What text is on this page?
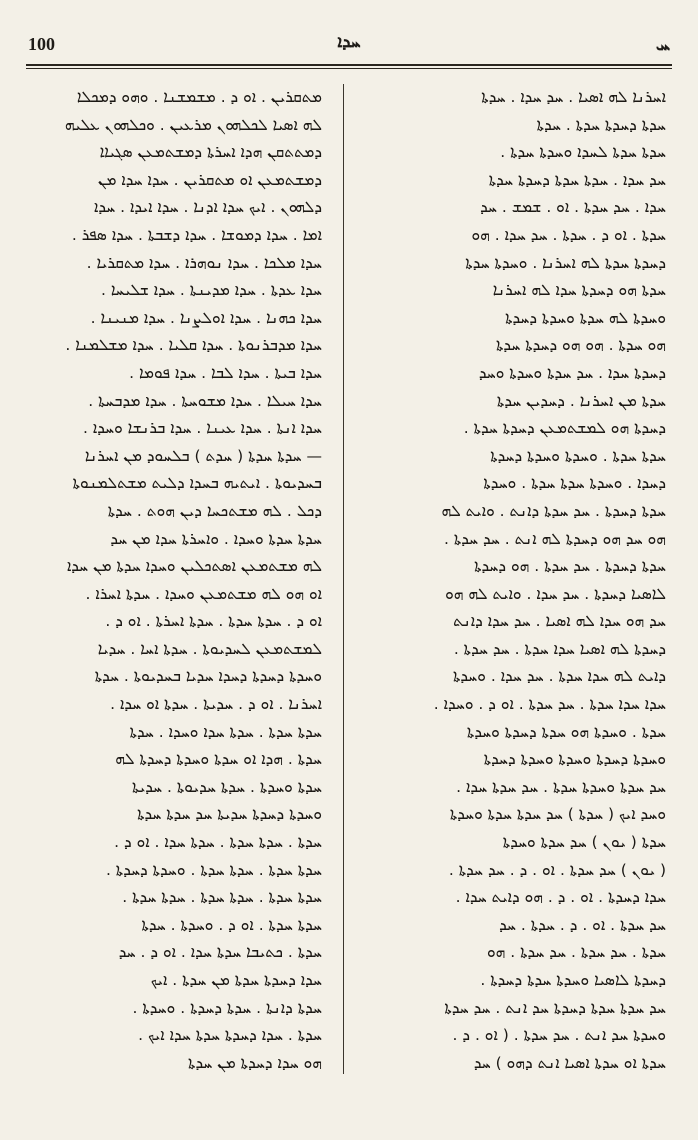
100	ܚܕܐ	ܚ
ܡܬܩܪܝܢ . ܐܘ ܕ . ܡܫܡܫܢܐ . ܘܗܘ ܕܡܟܠܐ
ܠܗ ܐܣܝܐ ܠܟܠܗܘܢ ܡܪܥܝܢ . ܘܟܠܗܘܢ ܥܠܝܗ
ܕܡܬܬܩܢ ܗܕܐ ܐܚܪܬܐ ܕܡܫܬܡܥܢ ܣܓܝܐܐ
ܕܡܫܬܡܥܢ ܐܘ ܡܬܩܪܝܢ . ܚܕܐ ܚܕܐ ܡܢ
ܕܠܗܘܢ . ܐܝܟ ܚܕܐ ܐܕܢܐ . ܚܕܐ ܐܝܕܐ . ܚܕܐ
ܐܡܐ . ܚܕܐ ܕܡܘܫܐ . ܚܕܐ ܕܫܒܬܐ . ܚܕܐ ܣܦܪ .
ܚܕܐ ܡܠܟܐ . ܚܕܐ ܢܘܗܪܐ . ܚܕܐ ܡܬܩܪܝܐ .
ܚܕܐ ܥܕܬܐ . ܚܕܐ ܡܕܝܢܬܐ . ܚܕܐ ܫܠܝܚܐ .
ܚܕܐ ܟܗܢܐ . ܚܕܐ ܐܘܠܨܢܐ . ܚܕܐ ܡܢܝܢܐ .
ܚܕܐ ܡܕܒܪܢܘܬܐ . ܚܕܐ ܩܠܝܐ . ܚܕܐ ܡܫܠܡܢܐ .
ܚܕܐ ܒܝܬܐ . ܚܕܐ ܠܒܐ . ܚܕܐ ܦܘܡܐ .
ܚܕܐ ܚܝܠܐ . ܚܕܐ ܡܫܘܚܬܐ . ܚܕܐ ܡܕܒܚܬܐ .
ܚܕܐ ܐܢܬܐ . ܚܕܐ ܥܝܢܐ . ܚܕܐ ܒܪܢܫܐ ܘܚܕܐ .
— ܚܕܬܐ ܚܕܬܐ ( ܚܕܬ ) ܒܠܚܘܕ ܡܢ ܐܚܪܢܐ
ܒܚܕܝܘܬܐ . ܐܝܬܝܗ ܒܚܕܐ ܕܠܝܬ ܡܫܬܠܡܢܘܬܐ
ܕܟܠ . ܠܗ ܡܫܬܟܚܐ ܕܝܢ ܗܘܬ . ܚܕܬܐ
ܚܕܬܐ ܚܕܬܐ ܘܚܕܐ . ܘܐܚܪܬܐ ܚܕܐ ܡܢ ܚܕ
ܠܗ ܡܫܬܡܥܢ ܐܣܬܟܠܝܢ ܘܚܕܐ ܚܕܬܐ ܡܢ ܚܕܐ
ܐܘ ܗܘ ܠܗ ܡܫܬܡܥܢ ܘܚܕܐ . ܚܕܬܐ ܐܚܪܐ .
ܐܘ ܕ . ܚܕܬܐ ܚܕܬܐ . ܚܕܬܐ ܐܚܪܬܐ . ܐܘ ܕ .
ܠܡܫܬܡܥܢ ܠܚܕܝܘܬܐ . ܚܕܬܐ ܐܚܐ . ܚܕܝܐ
ܘܚܕܬܐ ܕܚܕܬܐ ܕܚܕܐ ܚܕܝܐ ܒܚܕܝܘܬܐ . ܚܕܬܐ
ܐܚܪܢܐ . ܐܘ ܕ . ܚܕܝܬܐ . ܚܕܬܐ ܐܘ ܚܕܐ .
ܚܕܬܐ ܚܕܬܐ . ܚܕܬܐ ܚܕܐ ܘܚܕܐ . ܚܕܬܐ
ܚܕܬܐ . ܗܕܐ ܐܘ ܚܕܬܐ ܘܚܕܬܐ ܕܚܕܬܐ ܠܗ
ܚܕܬܐ ܘܚܕܬܐ . ܚܕܬܐ ܚܕܝܘܬܐ . ܚܕܝܬܐ
ܘܚܕܬܐ ܕܚܕܬܐ ܚܕܝܬܐ ܚܕ ܚܕܬܐ ܚܕܬܐ
ܚܕܬܐ . ܚܕܬܐ ܚܕܬܐ . ܚܕܬܐ ܚܕܐ . ܐܘ ܕ .
ܚܕܬܐ ܚܕܬܐ . ܚܕܬܐ ܚܕܬܐ . ܘܚܕܬܐ ܕܚܕܬܐ .
ܚܕܬܐ ܚܕܬܐ . ܚܕܬܐ ܚܕܬܐ . ܚܕܬܐ ܚܕܬܐ .
ܚܕܬܐ ܚܕܬܐ . ܐܘ ܕ . ܘܚܕܬܐ . ܚܕܬܐ
ܚܕܬܐ . ܟܬܝܒܐ ܚܕܬܐ ܚܕܐ . ܐܘ ܕ . ܚܕ
ܚܕܐ ܕܚܕܬܐ ܚܕܬܐ ܡܢ ܚܕܬܐ . ܐܝܟ
ܚܕܬܐ ܕܐܢܬܐ . ܚܕܬܐ ܕܚܕܬܐ . ܘܚܕܬܐ .
ܚܕܬܐ . ܚܕܐ ܕܚܕܬܐ ܚܕܬܐ ܚܕܐ ܐܝܟ .
ܗܘ ܚܕܐ ܕܚܕܬܐ ܡܢ ܚܕܬܐ
ܐܚܪܢܐ ܠܗ ܐܣܝܐ . ܚܕ ܚܕܐ . ܚܕܬܐ
ܚܕܬܐ ܕܚܕܬܐ ܚܕܬܐ . ܚܕܬܐ
ܚܕܬܐ ܚܕܬܐ ܠܚܕܐ ܘܚܕܬܐ ܚܕܬܐ .
ܚܕ ܚܕܐ . ܚܕܬܐ ܚܕܬܐ ܕܚܕܬܐ ܚܕܬܐ
ܚܕܐ . ܚܕ ܚܕܬܐ . ܐܘ . ܫܡܫ . ܚܕ
ܚܕܬܐ . ܐܘ ܕ . ܚܕܬܐ . ܚܕ ܚܕܐ . ܗܘ
ܕܚܕܬܐ ܚܕܬܐ ܠܗ ܐܚܪܢܐ . ܘܚܕܬܐ ܚܕܬܐ
ܚܕܬܐ ܗܘ ܕܚܕܬܐ ܚܕܐ ܠܗ ܐܚܪܢܐ
ܘܚܕܬܐ ܠܗ ܚܕܬܐ ܘܚܕܬܐ ܕܚܕܬܐ
ܗܘ ܚܕܬܐ . ܗܘ ܗܘ ܕܚܕܬܐ ܚܕܬܐ
ܕܚܕܬܐ ܚܕܐ . ܚܕ ܚܕܬܐ ܘܚܕܬܐ ܘܚܕ
ܚܕܬܐ ܡܢ ܐܚܪܢܐ . ܕܚܕܝܢ ܚܕܬܐ
ܕܚܕܬܐ ܗܘ ܠܡܫܬܡܥܢ ܕܚܕܬܐ ܚܕܬܐ .
ܚܕܬܐ ܚܕܬܐ . ܘܚܕܬܐ ܘܚܕܬܐ ܕܚܕܬܐ
ܕܚܕܐ . ܘܚܕܬܐ ܚܕܬܐ ܚܕܬܐ . ܘܚܕܬܐ
ܚܕܬܐ ܕܚܕܬܐ . ܚܕ ܚܕܬܐ ܕܐܢܬ . ܘܐܝܬ ܠܗ
ܗܘ ܚܕ ܗܘ ܕܚܕܬܐ ܠܗ ܐܢܬ . ܚܕ ܚܕܬܐ .
ܚܕܬܐ ܕܚܕܬܐ . ܚܕ ܚܕܬܐ . ܗܘ ܕܚܕܬܐ
ܠܐܣܝܐ ܕܚܕܬܐ . ܚܕ ܚܕܐ . ܘܐܝܬ ܠܗ ܗܘ
ܚܕ ܗܘ ܚܕܐ ܠܗ ܐܣܝܐ . ܚܕ ܚܕܐ ܕܐܢܬ
ܕܚܕܬܐ ܠܗ ܐܣܝܐ ܚܕܐ ܚܕܬܐ . ܚܕ ܚܕܬܐ .
ܕܐܝܬ ܠܗ ܚܕܐ ܚܕܬܐ . ܚܕ ܚܕܐ . ܘܚܕܬܐ
ܚܕܐ ܚܕܐ ܚܕܬܐ . ܚܕ ܚܕܬܐ . ܐܘ ܕ . ܘܚܕܐ .
ܚܕܬܐ . ܘܚܕܬܐ ܗܘ ܚܕܬܐ ܕܚܕܬܐ ܘܚܕܬܐ
ܘܚܕܬܐ ܕܚܕܬܐ ܘܚܕܬܐ ܘܚܕܬܐ ܕܚܕܬܐ
ܚܕ ܚܕܬܐ ܘܚܕܬܐ ܚܕܬܐ . ܚܕ ܚܕܬܐ ܚܕܐ .
ܘܚܕ ܐܝܟ ( ܚܕܬܐ ) ܚܕ ܚܕܬܐ ܚܕܬܐ ܘܚܕܬܐ
ܚܕܬܐ ( ܝܘܢ ) ܚܕ ܚܕܬܐ ܘܚܕܬܐ
( ܝܘܢ ) ܚܕ ܚܕܬܐ . ܐܘ . ܕ . ܚܕ ܚܕܬܐ .
ܚܕܐ ܕܚܕܬܐ . ܐܘ . ܕ . ܗܘ ܕܐܝܬ ܚܕܐ .
ܚܕ ܚܕܬܐ . ܐܘ . ܕ . ܚܕܬܐ . ܚܕ
ܚܕܬܐ . ܚܕ ܚܕܬܐ . ܚܕ ܚܕܬܐ . ܗܘ
ܕܚܕܬܐ ܠܐܣܝܐ ܘܚܕܬܐ ܚܕܬܐ ܕܚܕܬܐ .
ܚܕ ܚܕܬܐ ܚܕܬܐ ܕܚܕܬܐ ܚܕ ܐܢܬ . ܚܕ ܚܕܬܐ
ܘܚܕܬܐ ܚܕ ܐܢܬ . ܚܕ ܚܕܬܐ . ( ܐܘ . ܕ .
ܚܕܬܐ ܐܘ ܚܕܬܐ ܐܣܝܐ ܐܢܬ ܕܗܘ ) ܚܕ
